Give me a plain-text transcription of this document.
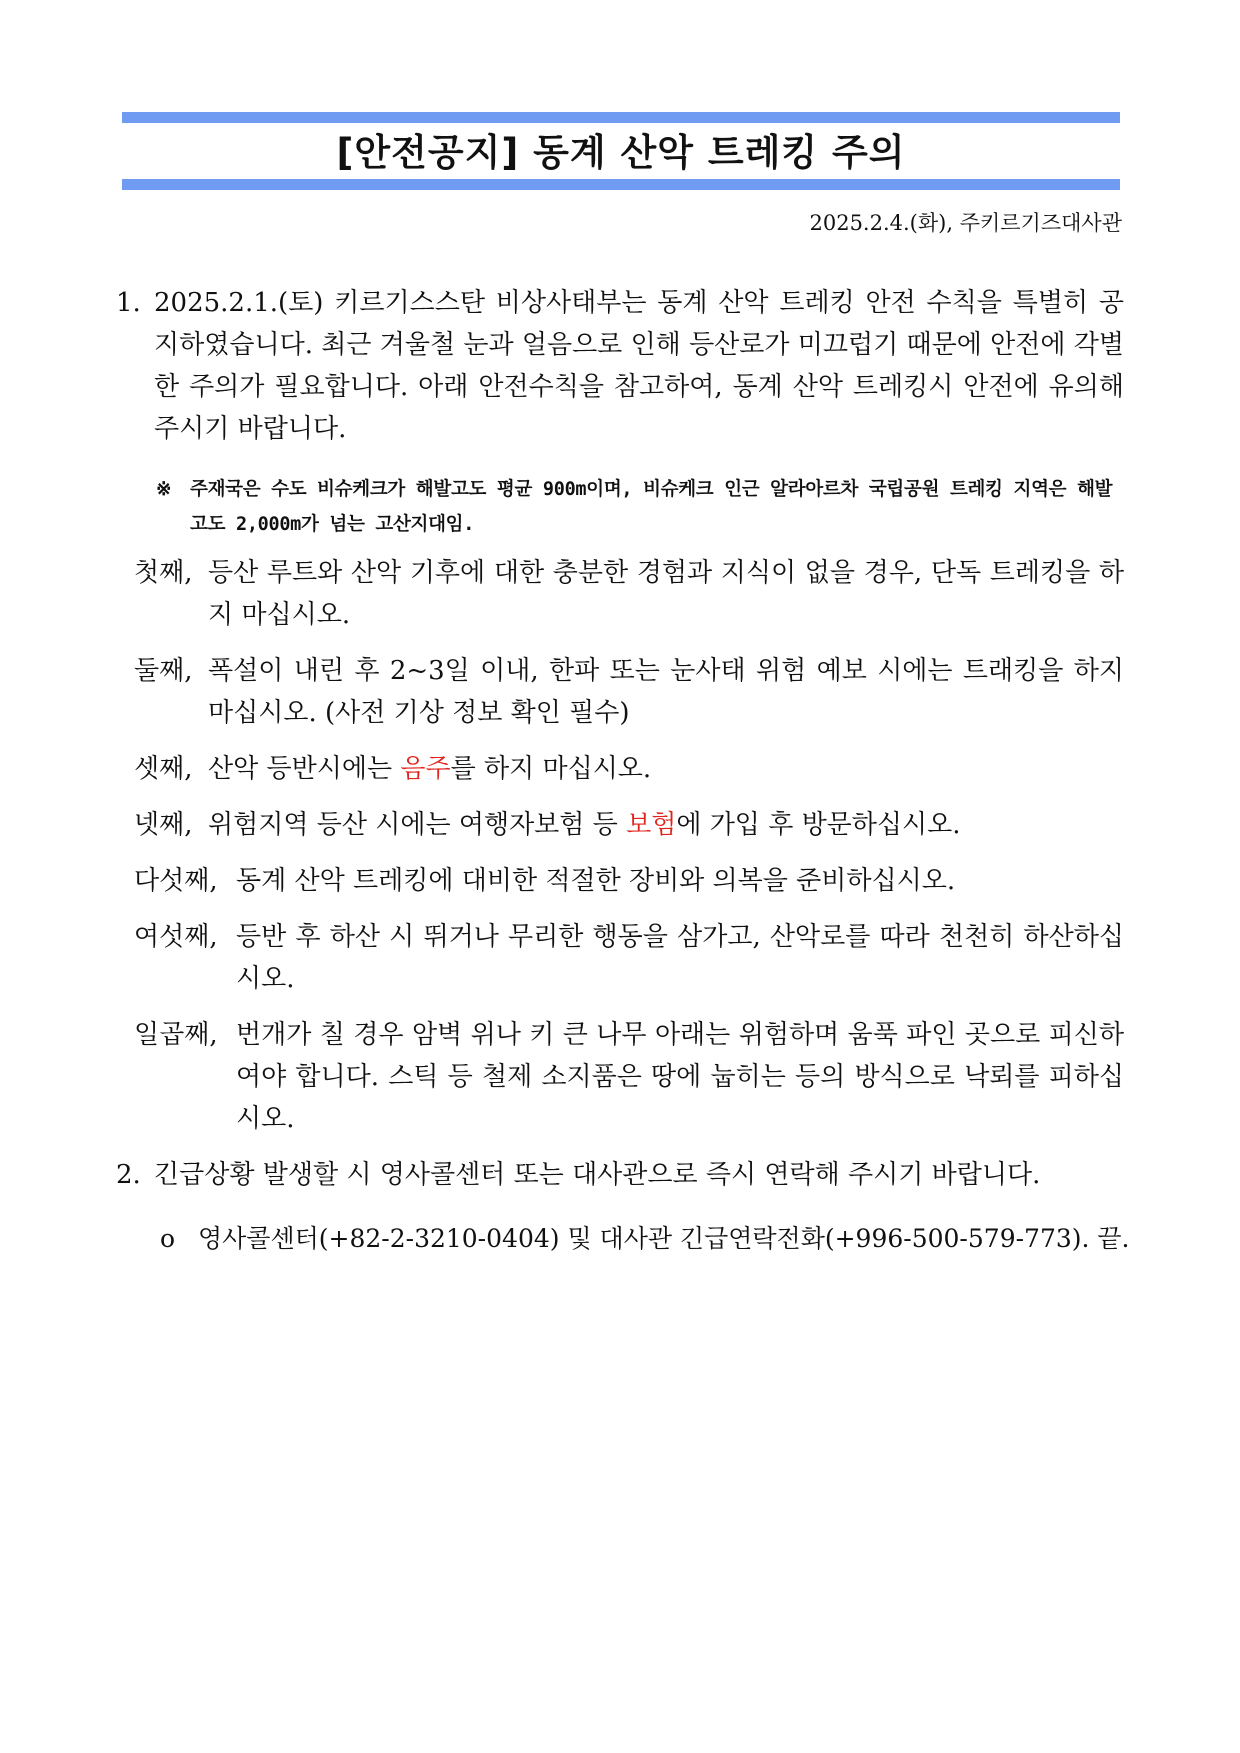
[안전공지] 동계 산악 트레킹 주의
2025.2.4.(화), 주키르기즈대사관
1. 2025.2.1.(토) 키르기스스탄 비상사태부는 동계 산악 트레킹 안전 수칙을 특별히 공지하였습니다. 최근 겨울철 눈과 얼음으로 인해 등산로가 미끄럽기 때문에 안전에 각별한 주의가 필요합니다. 아래 안전수칙을 참고하여, 동계 산악 트레킹시 안전에 유의해 주시기 바랍니다.
※ 주재국은 수도 비슈케크가 해발고도 평균 900m이며, 비슈케크 인근 알라아르차 국립공원 트레킹 지역은 해발고도 2,000m가 넘는 고산지대임.
첫째, 등산 루트와 산악 기후에 대한 충분한 경험과 지식이 없을 경우, 단독 트레킹을 하지 마십시오.
둘째, 폭설이 내린 후 2~3일 이내, 한파 또는 눈사태 위험 예보 시에는 트래킹을 하지 마십시오. (사전 기상 정보 확인 필수)
셋째, 산악 등반시에는 음주를 하지 마십시오.
넷째, 위험지역 등산 시에는 여행자보험 등 보험에 가입 후 방문하십시오.
다섯째, 동계 산악 트레킹에 대비한 적절한 장비와 의복을 준비하십시오.
여섯째, 등반 후 하산 시 뛰거나 무리한 행동을 삼가고, 산악로를 따라 천천히 하산하십시오.
일곱째, 번개가 칠 경우 암벽 위나 키 큰 나무 아래는 위험하며 움푹 파인 곳으로 피신하여야 합니다. 스틱 등 철제 소지품은 땅에 눕히는 등의 방식으로 낙뢰를 피하십시오.
2. 긴급상황 발생할 시 영사콜센터 또는 대사관으로 즉시 연락해 주시기 바랍니다.
o 영사콜센터(+82-2-3210-0404) 및 대사관 긴급연락전화(+996-500-579-773). 끝.
